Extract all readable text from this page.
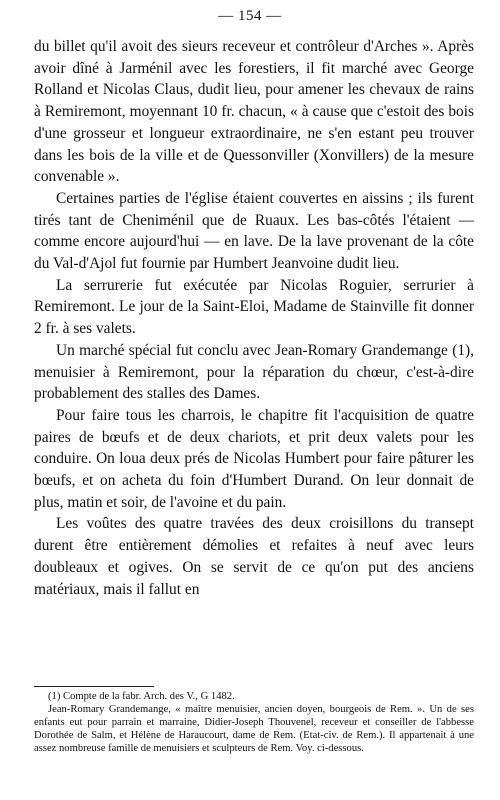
— 154 —

du billet qu'il avoit des sieurs receveur et contrôleur d'Arches ». Après avoir dîné à Jarménil avec les forestiers, il fit marché avec George Rolland et Nicolas Claus, dudit lieu, pour amener les chevaux de rains à Remiremont, moyennant 10 fr. chacun, « à cause que c'estoit des bois d'une grosseur et longueur extraordinaire, ne s'en estant peu trouver dans les bois de la ville et de Quessonviller (Xonvillers) de la mesure convenable ».

Certaines parties de l'église étaient couvertes en aissins ; ils furent tirés tant de Cheniménil que de Ruaux. Les bas-côtés l'étaient — comme encore aujourd'hui — en lave. De la lave provenant de la côte du Val-d'Ajol fut fournie par Humbert Jeanvoine dudit lieu.

La serrurerie fut exécutée par Nicolas Roguier, serrurier à Remiremont. Le jour de la Saint-Eloi, Madame de Stainville fit donner 2 fr. à ses valets.

Un marché spécial fut conclu avec Jean-Romary Grandemange (1), menuisier à Remiremont, pour la réparation du chœur, c'est-à-dire probablement des stalles des Dames.

Pour faire tous les charrois, le chapitre fit l'acquisition de quatre paires de bœufs et de deux chariots, et prit deux valets pour les conduire. On loua deux prés de Nicolas Humbert pour faire pâturer les bœufs, et on acheta du foin d'Humbert Durand. On leur donnait de plus, matin et soir, de l'avoine et du pain.

Les voûtes des quatre travées des deux croisillons du transept durent être entièrement démolies et refaites à neuf avec leurs doubleaux et ogives. On se servit de ce qu'on put des anciens matériaux, mais il fallut en

(1) Compte de la fabr. Arch. des V., G 1482.

Jean-Romary Grandemange, « maître menuisier, ancien doyen, bourgeois de Rem. ». Un de ses enfants eut pour parrain et marraine, Didier-Joseph Thouvenel, receveur et conseiller de l'abbesse Dorothée de Salm, et Hélène de Haraucourt, dame de Rem. (Etat-civ. de Rem.). Il appartenait à une assez nombreuse famille de menuisiers et sculpteurs de Rem. Voy. ci-dessous.
